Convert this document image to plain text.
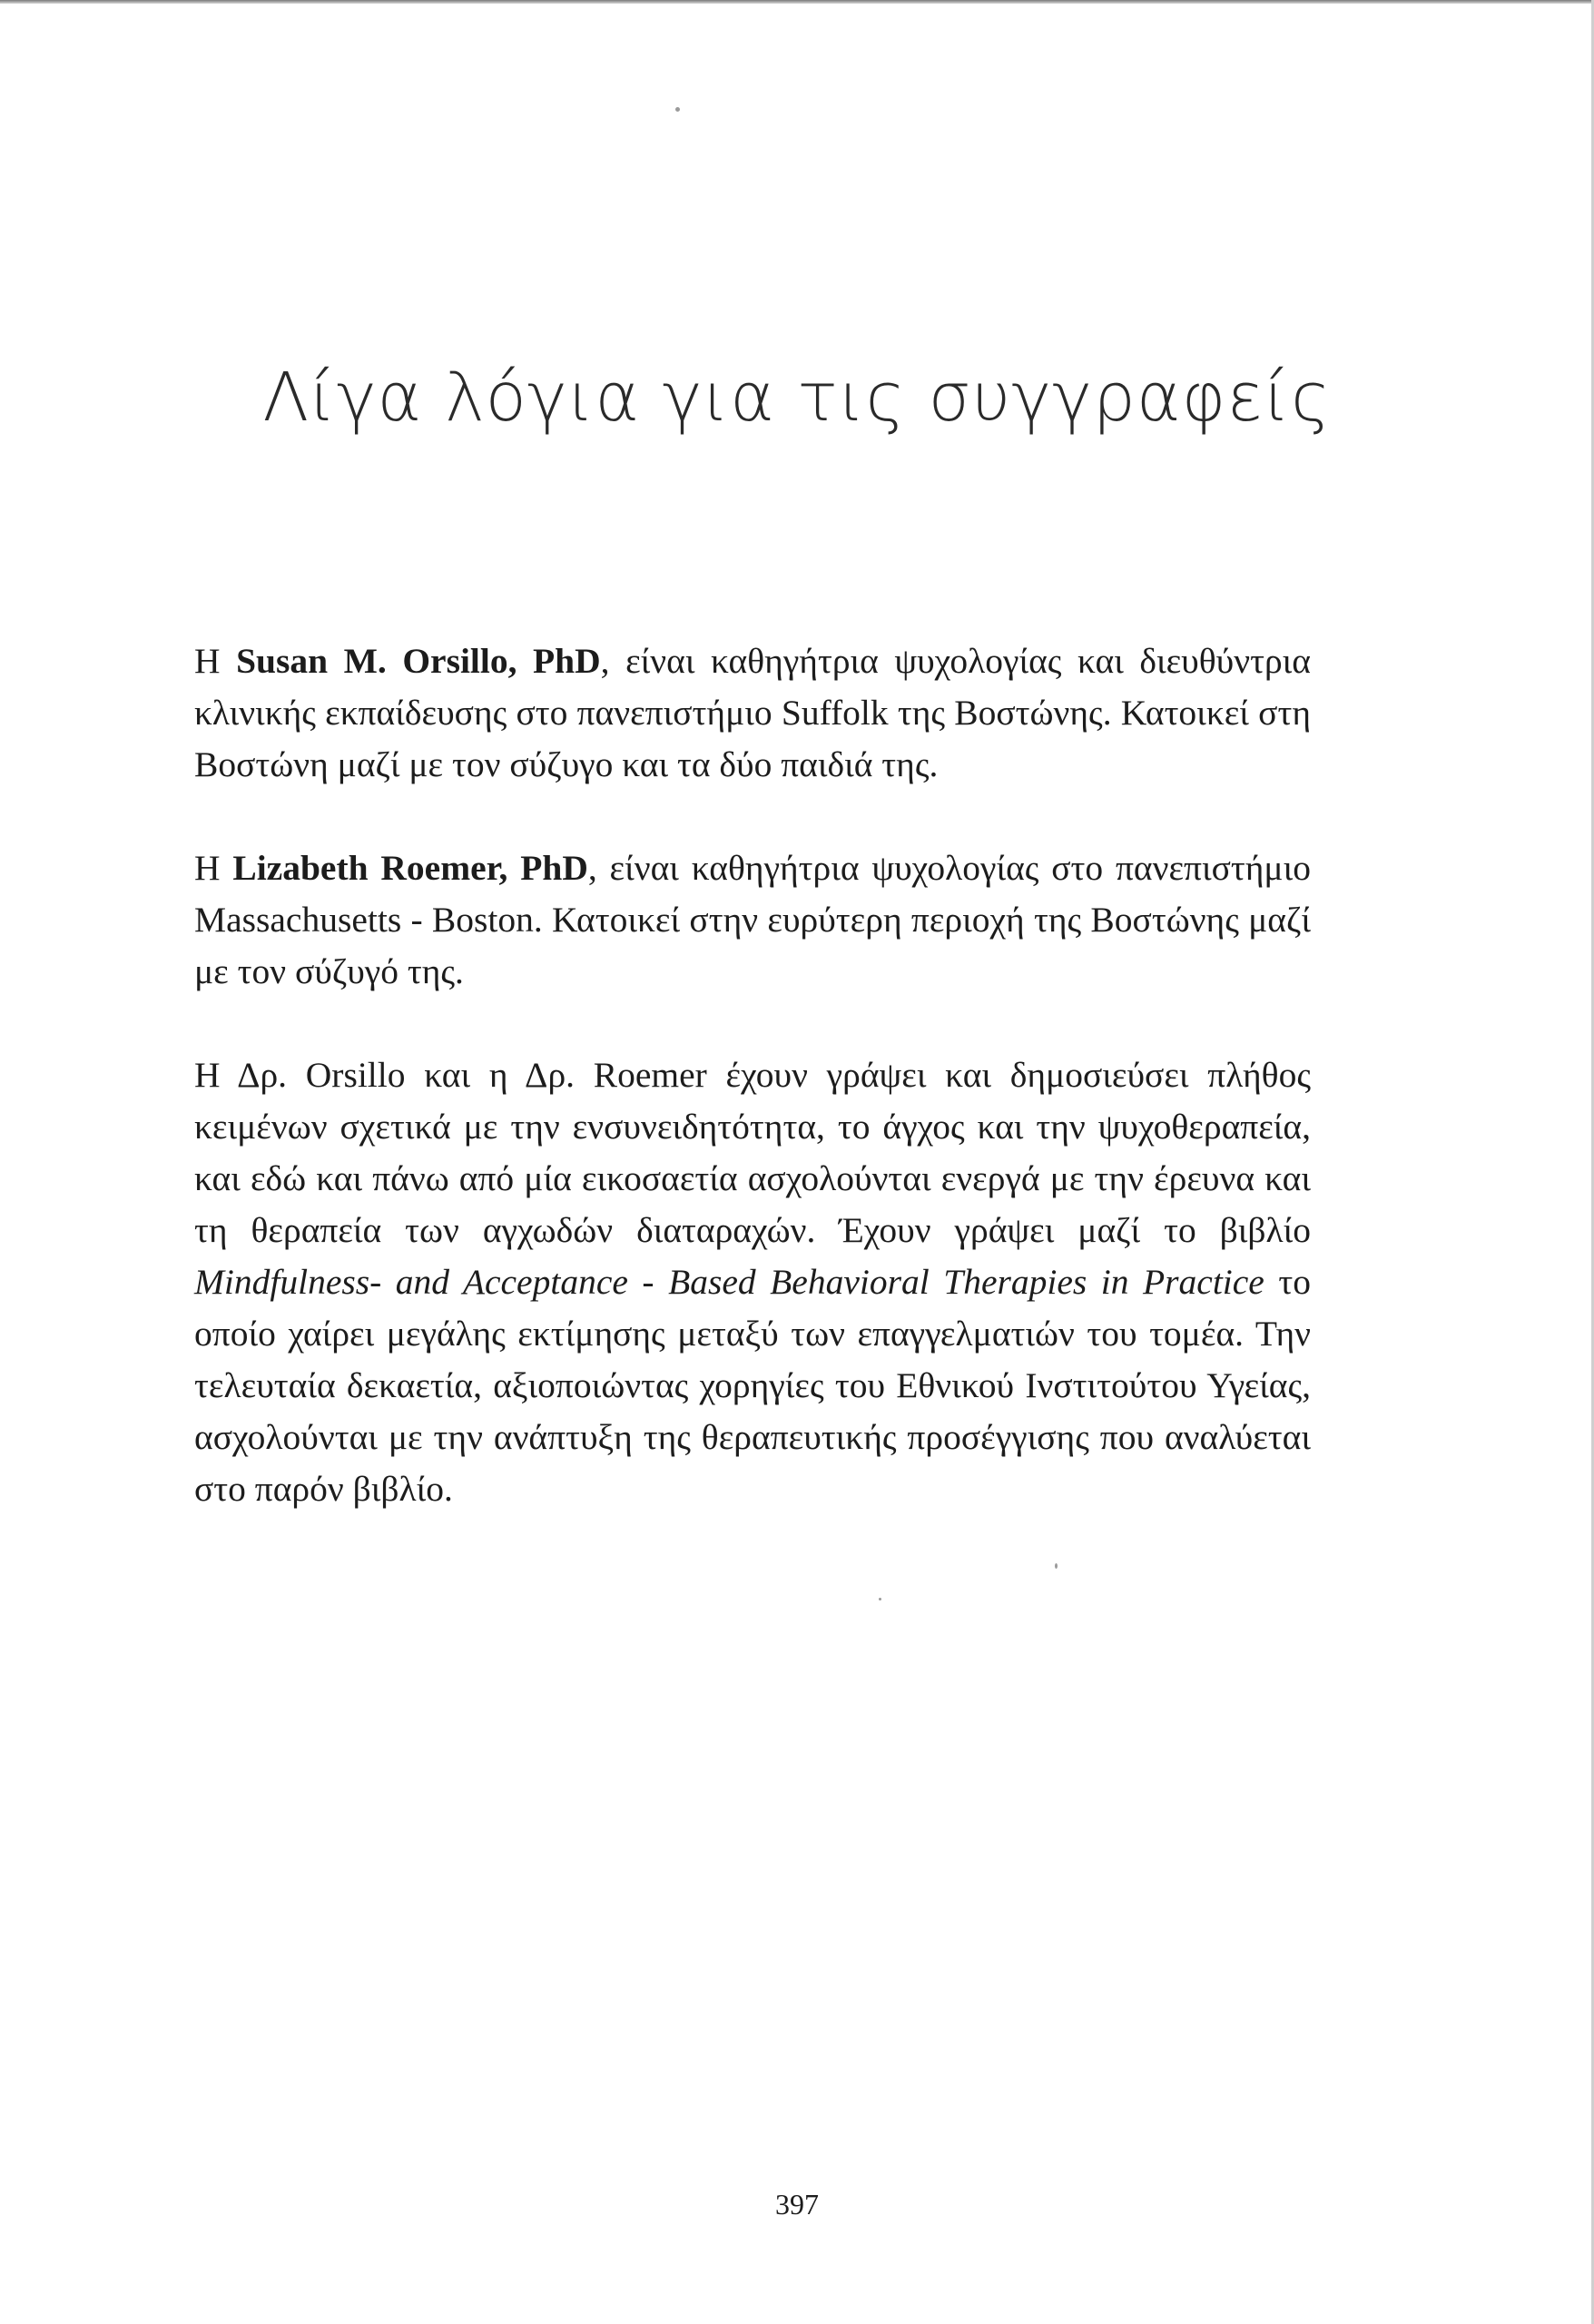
Λίγα λόγια για τις συγγραφείς

Η Susan M. Orsillo, PhD, είναι καθηγήτρια ψυχολογίας και διευθύντρια κλινικής εκπαίδευσης στο πανεπιστήμιο Suffolk της Βοστώνης. Κατοικεί στη Βοστώνη μαζί με τον σύζυγο και τα δύο παιδιά της.

Η Lizabeth Roemer, PhD, είναι καθηγήτρια ψυχολογίας στο πανεπιστήμιο Massachusetts - Boston. Κατοικεί στην ευρύτερη περιοχή της Βοστώνης μαζί με τον σύζυγό της.

Η Δρ. Orsillo και η Δρ. Roemer έχουν γράψει και δημοσιεύσει πλήθος κειμένων σχετικά με την ενσυνειδητότητα, το άγχος και την ψυχοθεραπεία, και εδώ και πάνω από μία εικοσαετία ασχολούνται ενεργά με την έρευνα και τη θεραπεία των αγχωδών διαταραχών. Έχουν γράψει μαζί το βιβλίο Mindfulness- and Acceptance - Based Behavioral Therapies in Practice το οποίο χαίρει μεγάλης εκτίμησης μεταξύ των επαγγελματιών του τομέα. Την τελευταία δεκαετία, αξιοποιώντας χορηγίες του Εθνικού Ινστιτούτου Υγείας, ασχολούνται με την ανάπτυξη της θεραπευτικής προσέγγισης που αναλύεται στο παρόν βιβλίο.

397
